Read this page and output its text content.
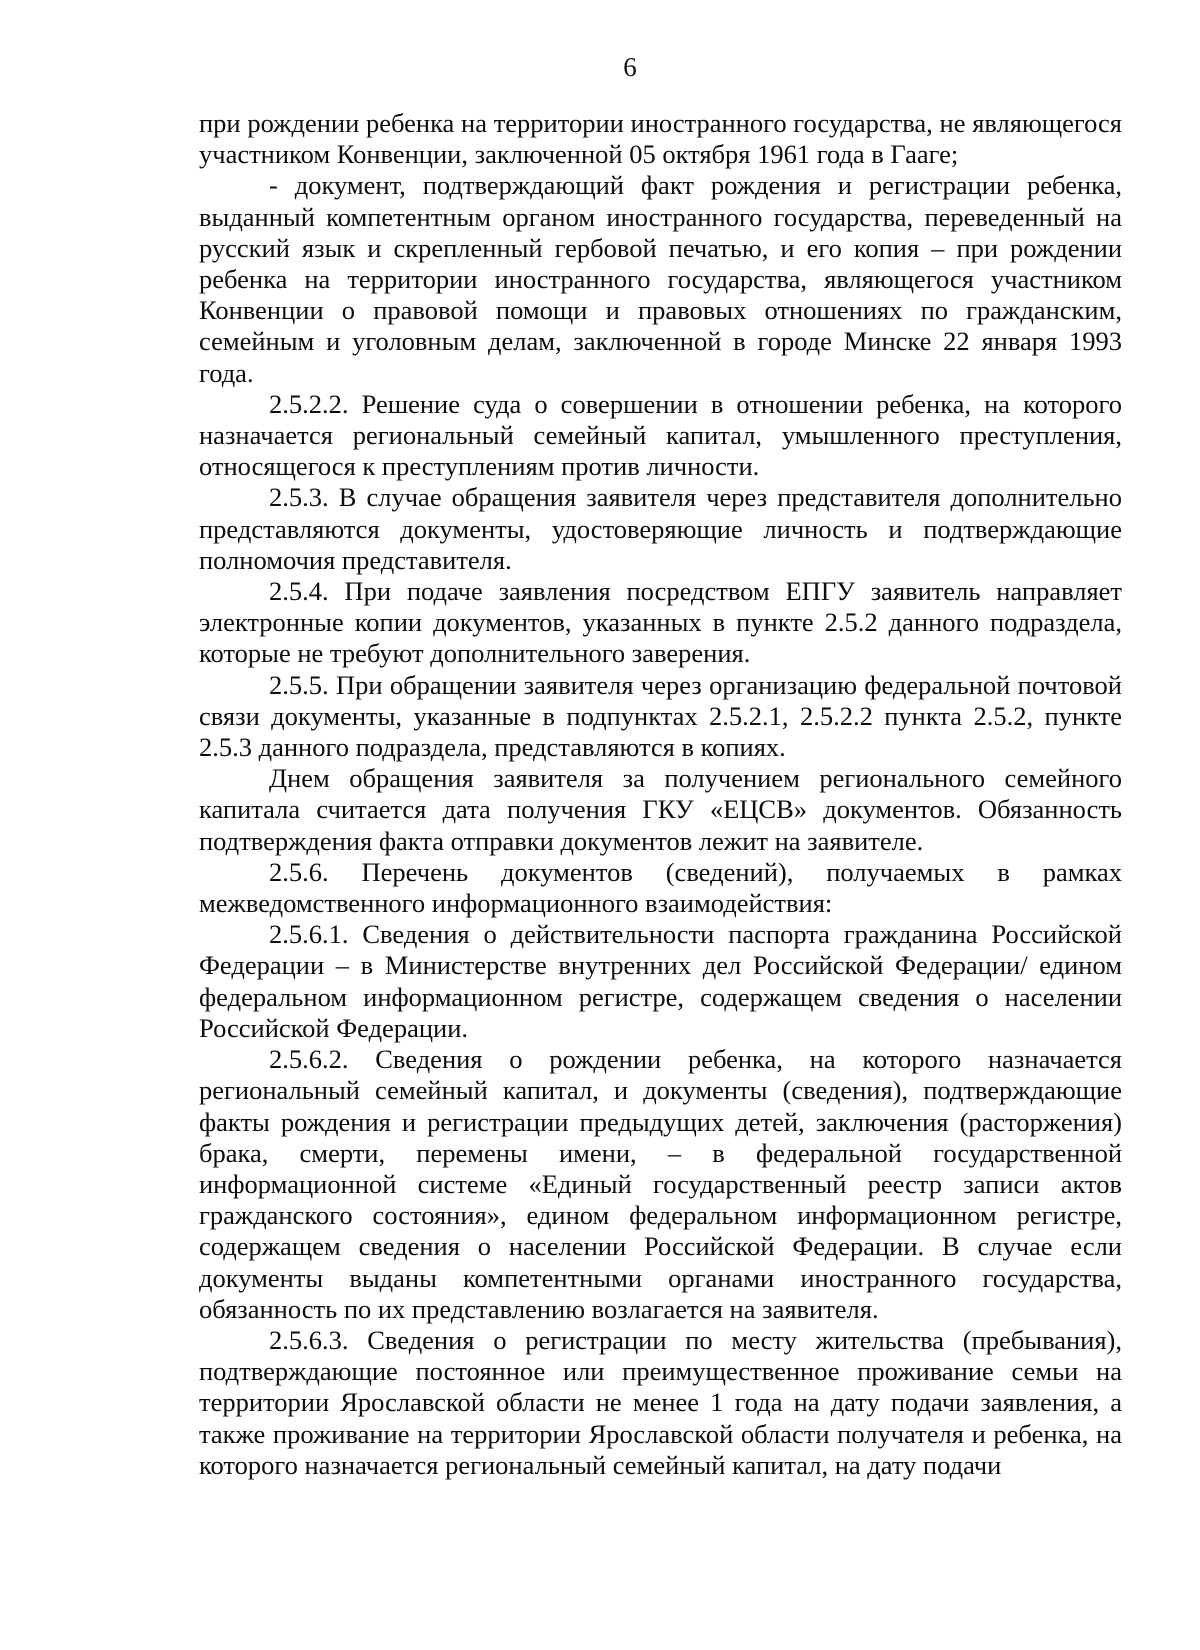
6

при рождении ребенка на территории иностранного государства, не являющегося участником Конвенции, заключенной 05 октября 1961 года в Гааге;

- документ, подтверждающий факт рождения и регистрации ребенка, выданный компетентным органом иностранного государства, переведенный на русский язык и скрепленный гербовой печатью, и его копия – при рождении ребенка на территории иностранного государства, являющегося участником Конвенции о правовой помощи и правовых отношениях по гражданским, семейным и уголовным делам, заключенной в городе Минске 22 января 1993 года.

2.5.2.2. Решение суда о совершении в отношении ребенка, на которого назначается региональный семейный капитал, умышленного преступления, относящегося к преступлениям против личности.

2.5.3. В случае обращения заявителя через представителя дополнительно представляются документы, удостоверяющие личность и подтверждающие полномочия представителя.

2.5.4. При подаче заявления посредством ЕПГУ заявитель направляет электронные копии документов, указанных в пункте 2.5.2 данного подраздела, которые не требуют дополнительного заверения.

2.5.5. При обращении заявителя через организацию федеральной почтовой связи документы, указанные в подпунктах 2.5.2.1, 2.5.2.2 пункта 2.5.2, пункте 2.5.3 данного подраздела, представляются в копиях.

Днем обращения заявителя за получением регионального семейного капитала считается дата получения ГКУ «ЕЦСВ» документов. Обязанность подтверждения факта отправки документов лежит на заявителе.

2.5.6. Перечень документов (сведений), получаемых в рамках межведомственного информационного взаимодействия:

2.5.6.1. Сведения о действительности паспорта гражданина Российской Федерации – в Министерстве внутренних дел Российской Федерации/ едином федеральном информационном регистре, содержащем сведения о населении Российской Федерации.

2.5.6.2. Сведения о рождении ребенка, на которого назначается региональный семейный капитал, и документы (сведения), подтверждающие факты рождения и регистрации предыдущих детей, заключения (расторжения) брака, смерти, перемены имени, – в федеральной государственной информационной системе «Единый государственный реестр записи актов гражданского состояния», едином федеральном информационном регистре, содержащем сведения о населении Российской Федерации. В случае если документы выданы компетентными органами иностранного государства, обязанность по их представлению возлагается на заявителя.

2.5.6.3. Сведения о регистрации по месту жительства (пребывания), подтверждающие постоянное или преимущественное проживание семьи на территории Ярославской области не менее 1 года на дату подачи заявления, а также проживание на территории Ярославской области получателя и ребенка, на которого назначается региональный семейный капитал, на дату подачи
